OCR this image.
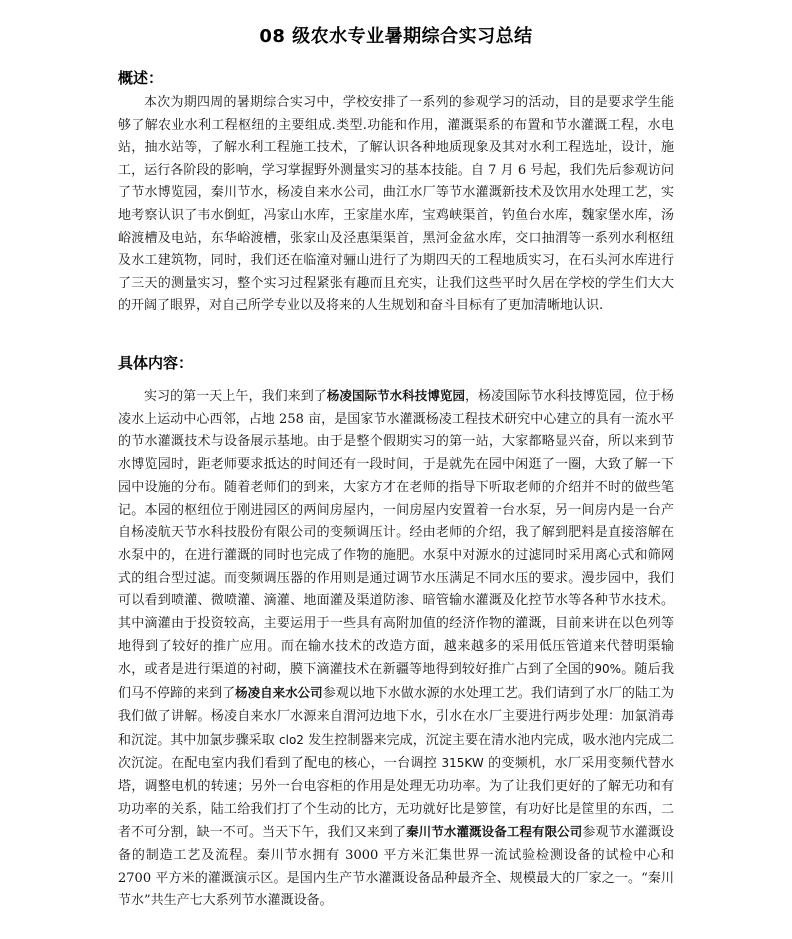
08 级农水专业暑期综合实习总结
概述：

本次为期四周的暑期综合实习中，学校安排了一系列的参观学习的活动，目的是要求学生能够了解农业水利工程枢纽的主要组成.类型.功能和作用，灌溉渠系的布置和节水灌溉工程，水电站，抽水站等，了解水利工程施工技术，了解认识各种地质现象及其对水利工程选址，设计，施工，运行各阶段的影响，学习掌握野外测量实习的基本技能。自 7 月 6 号起，我们先后参观访问了节水博览园，秦川节水，杨凌自来水公司，曲江水厂等节水灌溉新技术及饮用水处理工艺，实地考察认识了韦水倒虹，冯家山水库，王家崖水库，宝鸡峡渠首，钓鱼台水库，魏家堡水库，汤峪渡槽及电站，东华峪渡槽，张家山及泾惠渠渠首，黑河金盆水库，交口抽渭等一系列水利枢纽及水工建筑物，同时，我们还在临潼对骊山进行了为期四天的工程地质实习，在石头河水库进行了三天的测量实习，整个实习过程紧张有趣而且充实，让我们这些平时久居在学校的学生们大大的开阔了眼界，对自己所学专业以及将来的人生规划和奋斗目标有了更加清晰地认识.

具体内容：

实习的第一天上午，我们来到了杨凌国际节水科技博览园，杨凌国际节水科技博览园，位于杨凌水上运动中心西邻，占地 258 亩，是国家节水灌溉杨凌工程技术研究中心建立的具有一流水平的节水灌溉技术与设备展示基地。由于是整个假期实习的第一站，大家都略显兴奋，所以来到节水博览园时，距老师要求抵达的时间还有一段时间，于是就先在园中闲逛了一圈，大致了解一下园中设施的分布。随着老师们的到来，大家方才在老师的指导下听取老师的介绍并不时的做些笔记。本园的枢纽位于刚进园区的两间房屋内，一间房屋内安置着一台水泵，另一间房内是一台产自杨凌航天节水科技股份有限公司的变频调压计。经由老师的介绍，我了解到肥料是直接溶解在水泵中的，在进行灌溉的同时也完成了作物的施肥。水泵中对源水的过滤同时采用离心式和筛网式的组合型过滤。而变频调压器的作用则是通过调节水压满足不同水压的要求。漫步园中，我们可以看到喷灌、微喷灌、滴灌、地面灌及渠道防渗、暗管输水灌溉及化控节水等各种节水技术。其中滴灌由于投资较高，主要运用于一些具有高附加值的经济作物的灌溉，目前来讲在以色列等地得到了较好的推广应用。而在输水技术的改造方面，越来越多的采用低压管道来代替明渠输水，或者是进行渠道的衬砌，膜下滴灌技术在新疆等地得到较好推广占到了全国的90%。随后我们马不停蹄的来到了杨凌自来水公司参观以地下水做水源的水处理工艺。我们请到了水厂的陆工为我们做了讲解。杨凌自来水厂水源来自渭河边地下水，引水在水厂主要进行两步处理：加氯消毒和沉淀。其中加氯步骤采取 clo2 发生控制器来完成，沉淀主要在清水池内完成，吸水池内完成二次沉淀。在配电室内我们看到了配电的核心，一台调控 315KW 的变频机，水厂采用变频代替水塔，调整电机的转速；另外一台电容柜的作用是处理无功功率。为了让我们更好的了解无功和有功功率的关系，陆工给我们打了个生动的比方，无功就好比是箩筐，有功好比是筐里的东西，二者不可分割，缺一不可。当天下午，我们又来到了秦川节水灌溉设备工程有限公司参观节水灌溉设备的制造工艺及流程。秦川节水拥有 3000 平方米汇集世界一流试验检测设备的试检中心和 2700 平方米的灌溉演示区。是国内生产节水灌溉设备品种最齐全、规模最大的厂家之一。“秦川节水”共生产七大系列节水灌溉设备。
